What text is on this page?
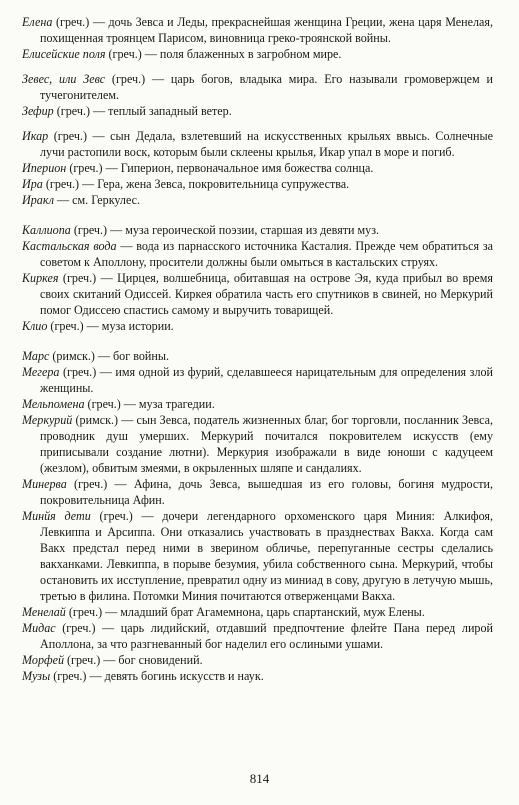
Елена (греч.) — дочь Зевса и Леды, прекраснейшая женщина Греции, жена царя Менелая, похищенная троянцем Парисом, виновница греко-троянской войны.

Елисейские поля (греч.) — поля блаженных в загробном мире.

Зевес, или Зевс (греч.) — царь богов, владыка мира. Его называли громовержцем и тучегонителем.

Зефир (греч.) — теплый западный ветер.

Икар (греч.) — сын Дедала, взлетевший на искусственных крыльях ввысь. Солнечные лучи растопили воск, которым были склеены крылья, Икар упал в море и погиб.

Иперион (греч.) — Гиперион, первоначальное имя божества солнца.

Ира (греч.) — Гера, жена Зевса, покровительница супружества.

Иракл — см. Геркулес.

Каллиопа (греч.) — муза героической поэзии, старшая из девяти муз.

Кастальская вода — вода из парнасского источника Касталия. Прежде чем обратиться за советом к Аполлону, просители должны были омыться в кастальских струях.

Киркея (греч.) — Цирцея, волшебница, обитавшая на острове Эя, куда прибыл во время своих скитаний Одиссей. Киркея обратила часть его спутников в свиней, но Меркурий помог Одиссею спастись самому и выручить товарищей.

Клио (греч.) — муза истории.

Марс (римск.) — бог войны.

Мегера (греч.) — имя одной из фурий, сделавшееся нарицательным для определения злой женщины.

Мельпомена (греч.) — муза трагедии.

Меркурий (римск.) — сын Зевса, податель жизненных благ, бог торговли, посланник Зевса, проводник душ умерших. Меркурий почитался покровителем искусств (ему приписывали создание лютни). Меркурия изображали в виде юноши с кадуцеем (жезлом), обвитым змеями, в окрыленных шляпе и сандалиях.

Минерва (греч.) — Афина, дочь Зевса, вышедшая из его головы, богиня мудрости, покровительница Афин.

Минйя дети (греч.) — дочери легендарного орхоменского царя Миния: Алкифоя, Левкиппа и Арсиппа. Они отказались участвовать в празднествах Вакха. Когда сам Вакх предстал перед ними в зверином обличье, перепуганные сестры сделались вакханками. Левкиппа, в порыве безумия, убила собственного сына. Меркурий, чтобы остановить их исступление, превратил одну из миниад в сову, другую в летучую мышь, третью в филина. Потомки Миния почитаются отверженцами Вакха.

Менелай (греч.) — младший брат Агамемнона, царь спартанский, муж Елены.

Мидас (греч.) — царь лидийский, отдавший предпочтение флейте Пана перед лирой Аполлона, за что разгневанный бог наделил его ослиными ушами.

Морфей (греч.) — бог сновидений.

Музы (греч.) — девять богинь искусств и наук.

814
